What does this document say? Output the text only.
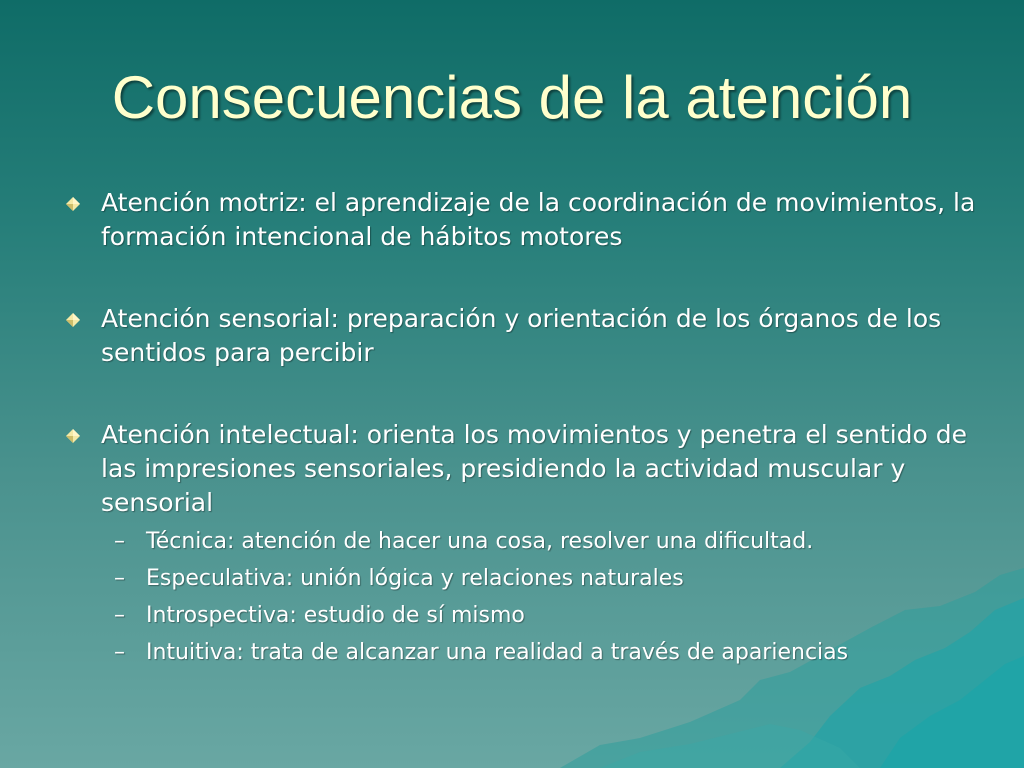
Consecuencias de la atención
Atención motriz: el aprendizaje de la coordinación de movimientos, la formación intencional de hábitos motores
Atención sensorial: preparación y orientación de los órganos de los sentidos para percibir
Atención intelectual: orienta los movimientos y penetra el sentido de las impresiones sensoriales, presidiendo la actividad muscular y sensorial
– Técnica: atención de hacer una cosa, resolver una dificultad.
– Especulativa: unión lógica y relaciones naturales
– Introspectiva: estudio de sí mismo
– Intuitiva: trata de alcanzar una realidad a través de apariencias
